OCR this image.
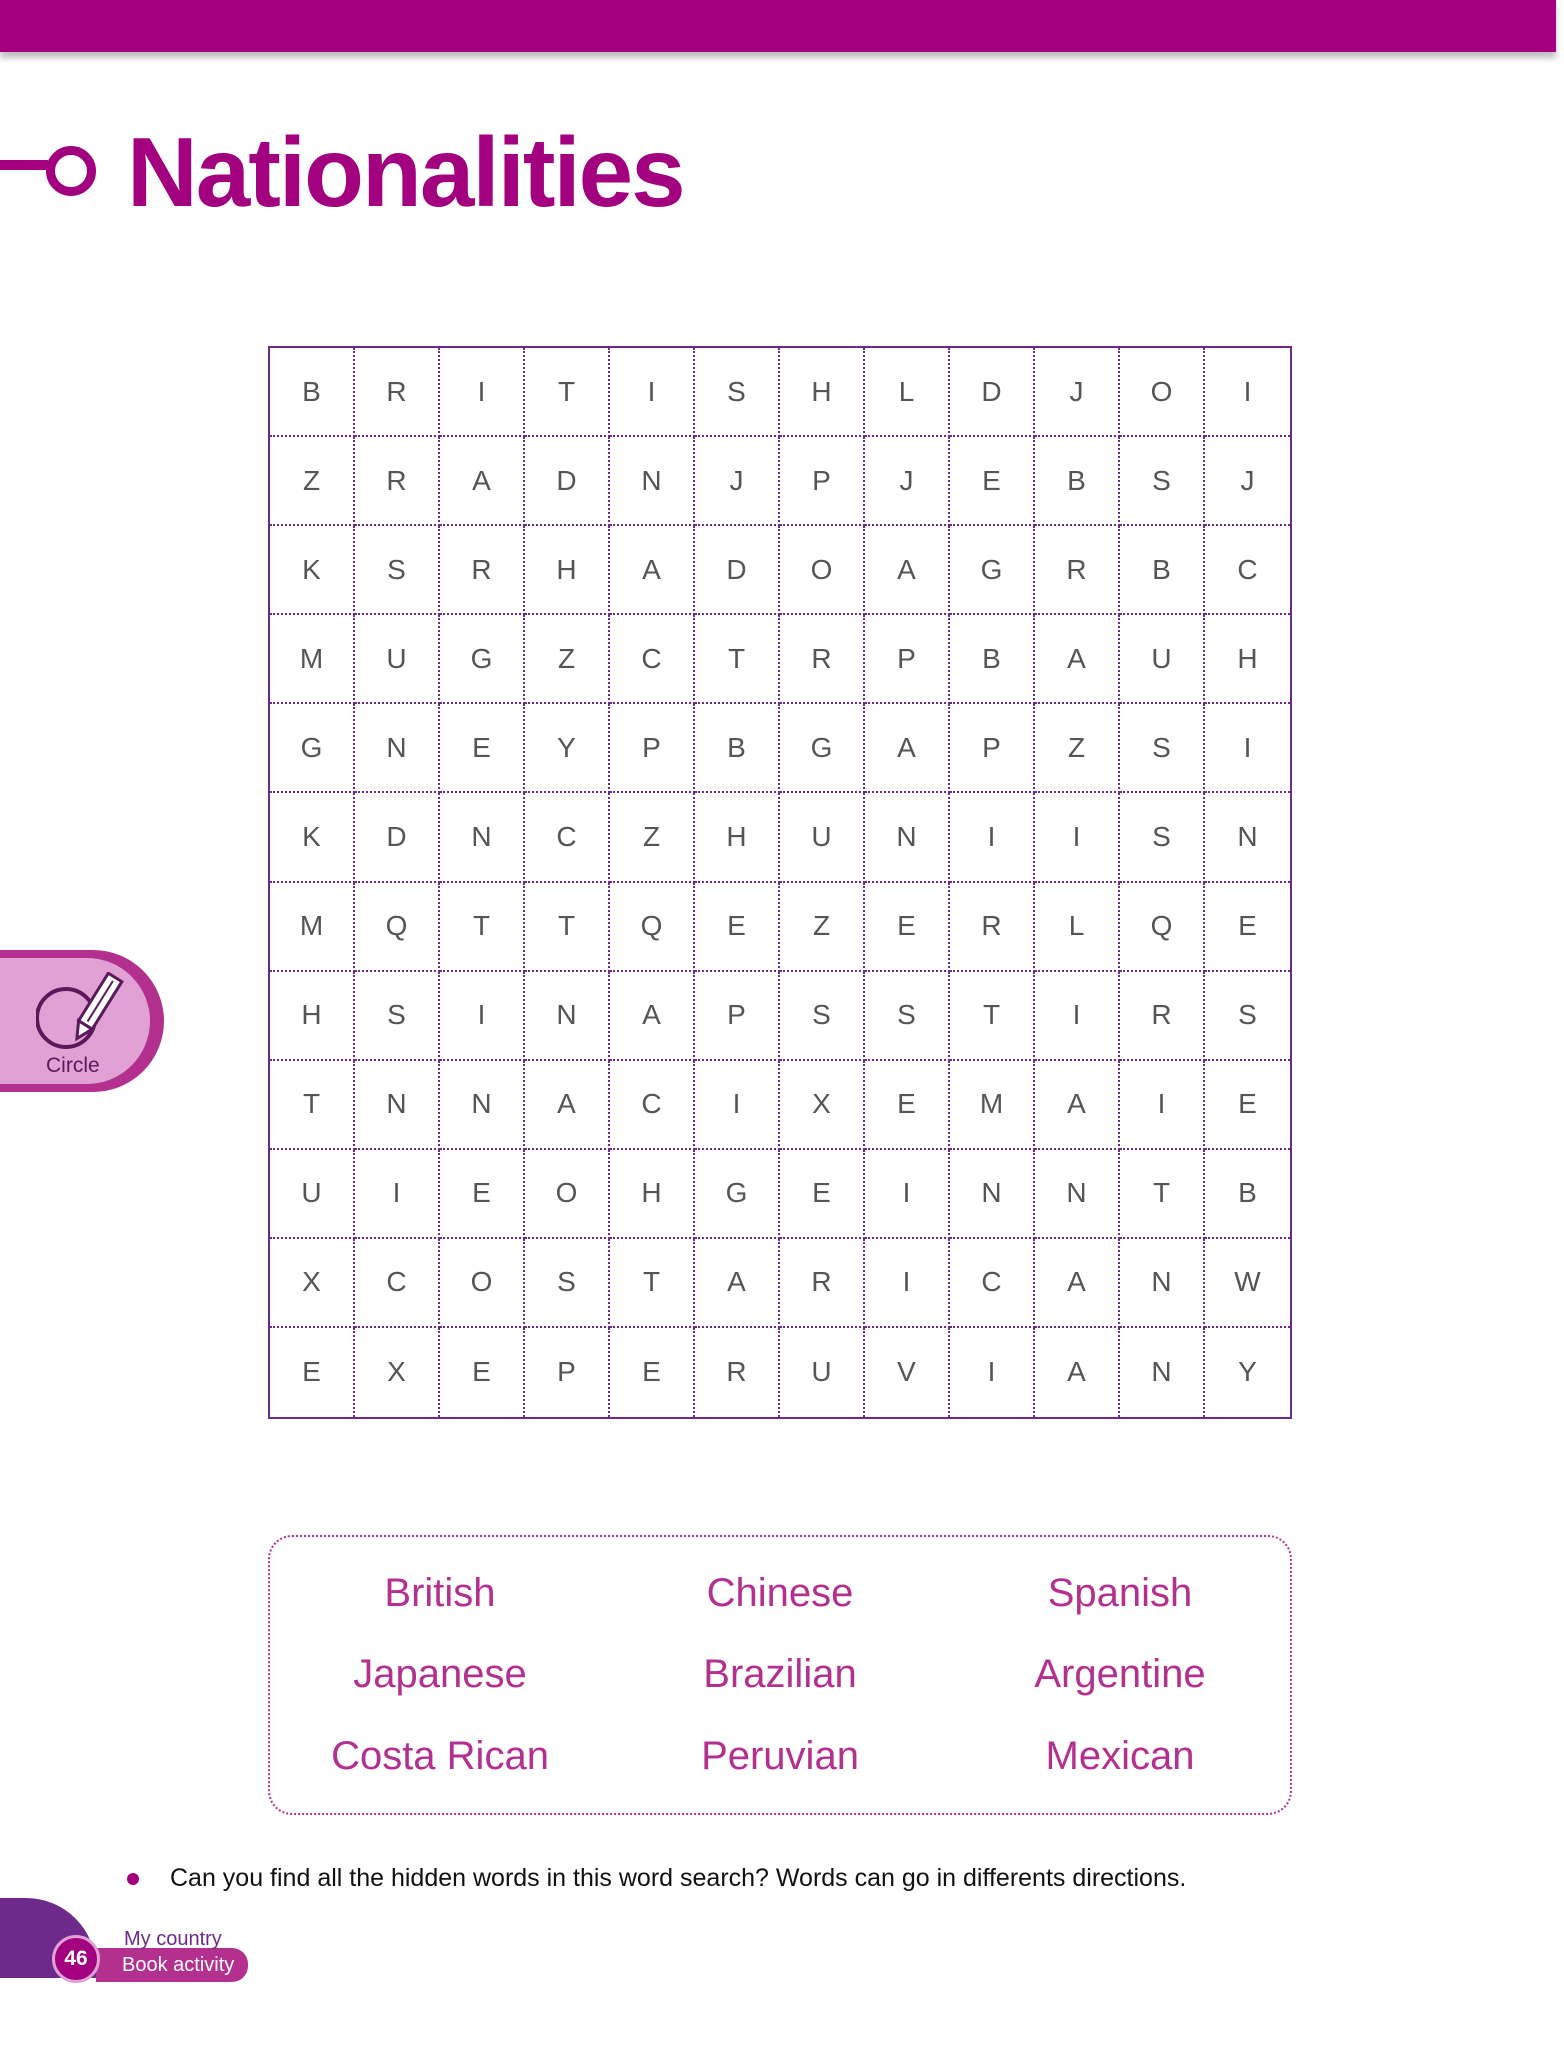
Nationalities
B	R	I	T	I	S	H	L	D	J	O	I
Z	R	A	D	N	J	P	J	E	B	S	J
K	S	R	H	A	D	O	A	G	R	B	C
M	U	G	Z	C	T	R	P	B	A	U	H
G	N	E	Y	P	B	G	A	P	Z	S	I
K	D	N	C	Z	H	U	N	I	I	S	N
M	Q	T	T	Q	E	Z	E	R	L	Q	E
H	S	I	N	A	P	S	S	T	I	R	S
T	N	N	A	C	I	X	E	M	A	I	E
U	I	E	O	H	G	E	I	N	N	T	B
X	C	O	S	T	A	R	I	C	A	N	W
E	X	E	P	E	R	U	V	I	A	N	Y
Circle
British	Chinese	Spanish
Japanese	Brazilian	Argentine
Costa Rican	Peruvian	Mexican
Can you find all the hidden words in this word search? Words can go in differents directions.
46
My country
Book activity
